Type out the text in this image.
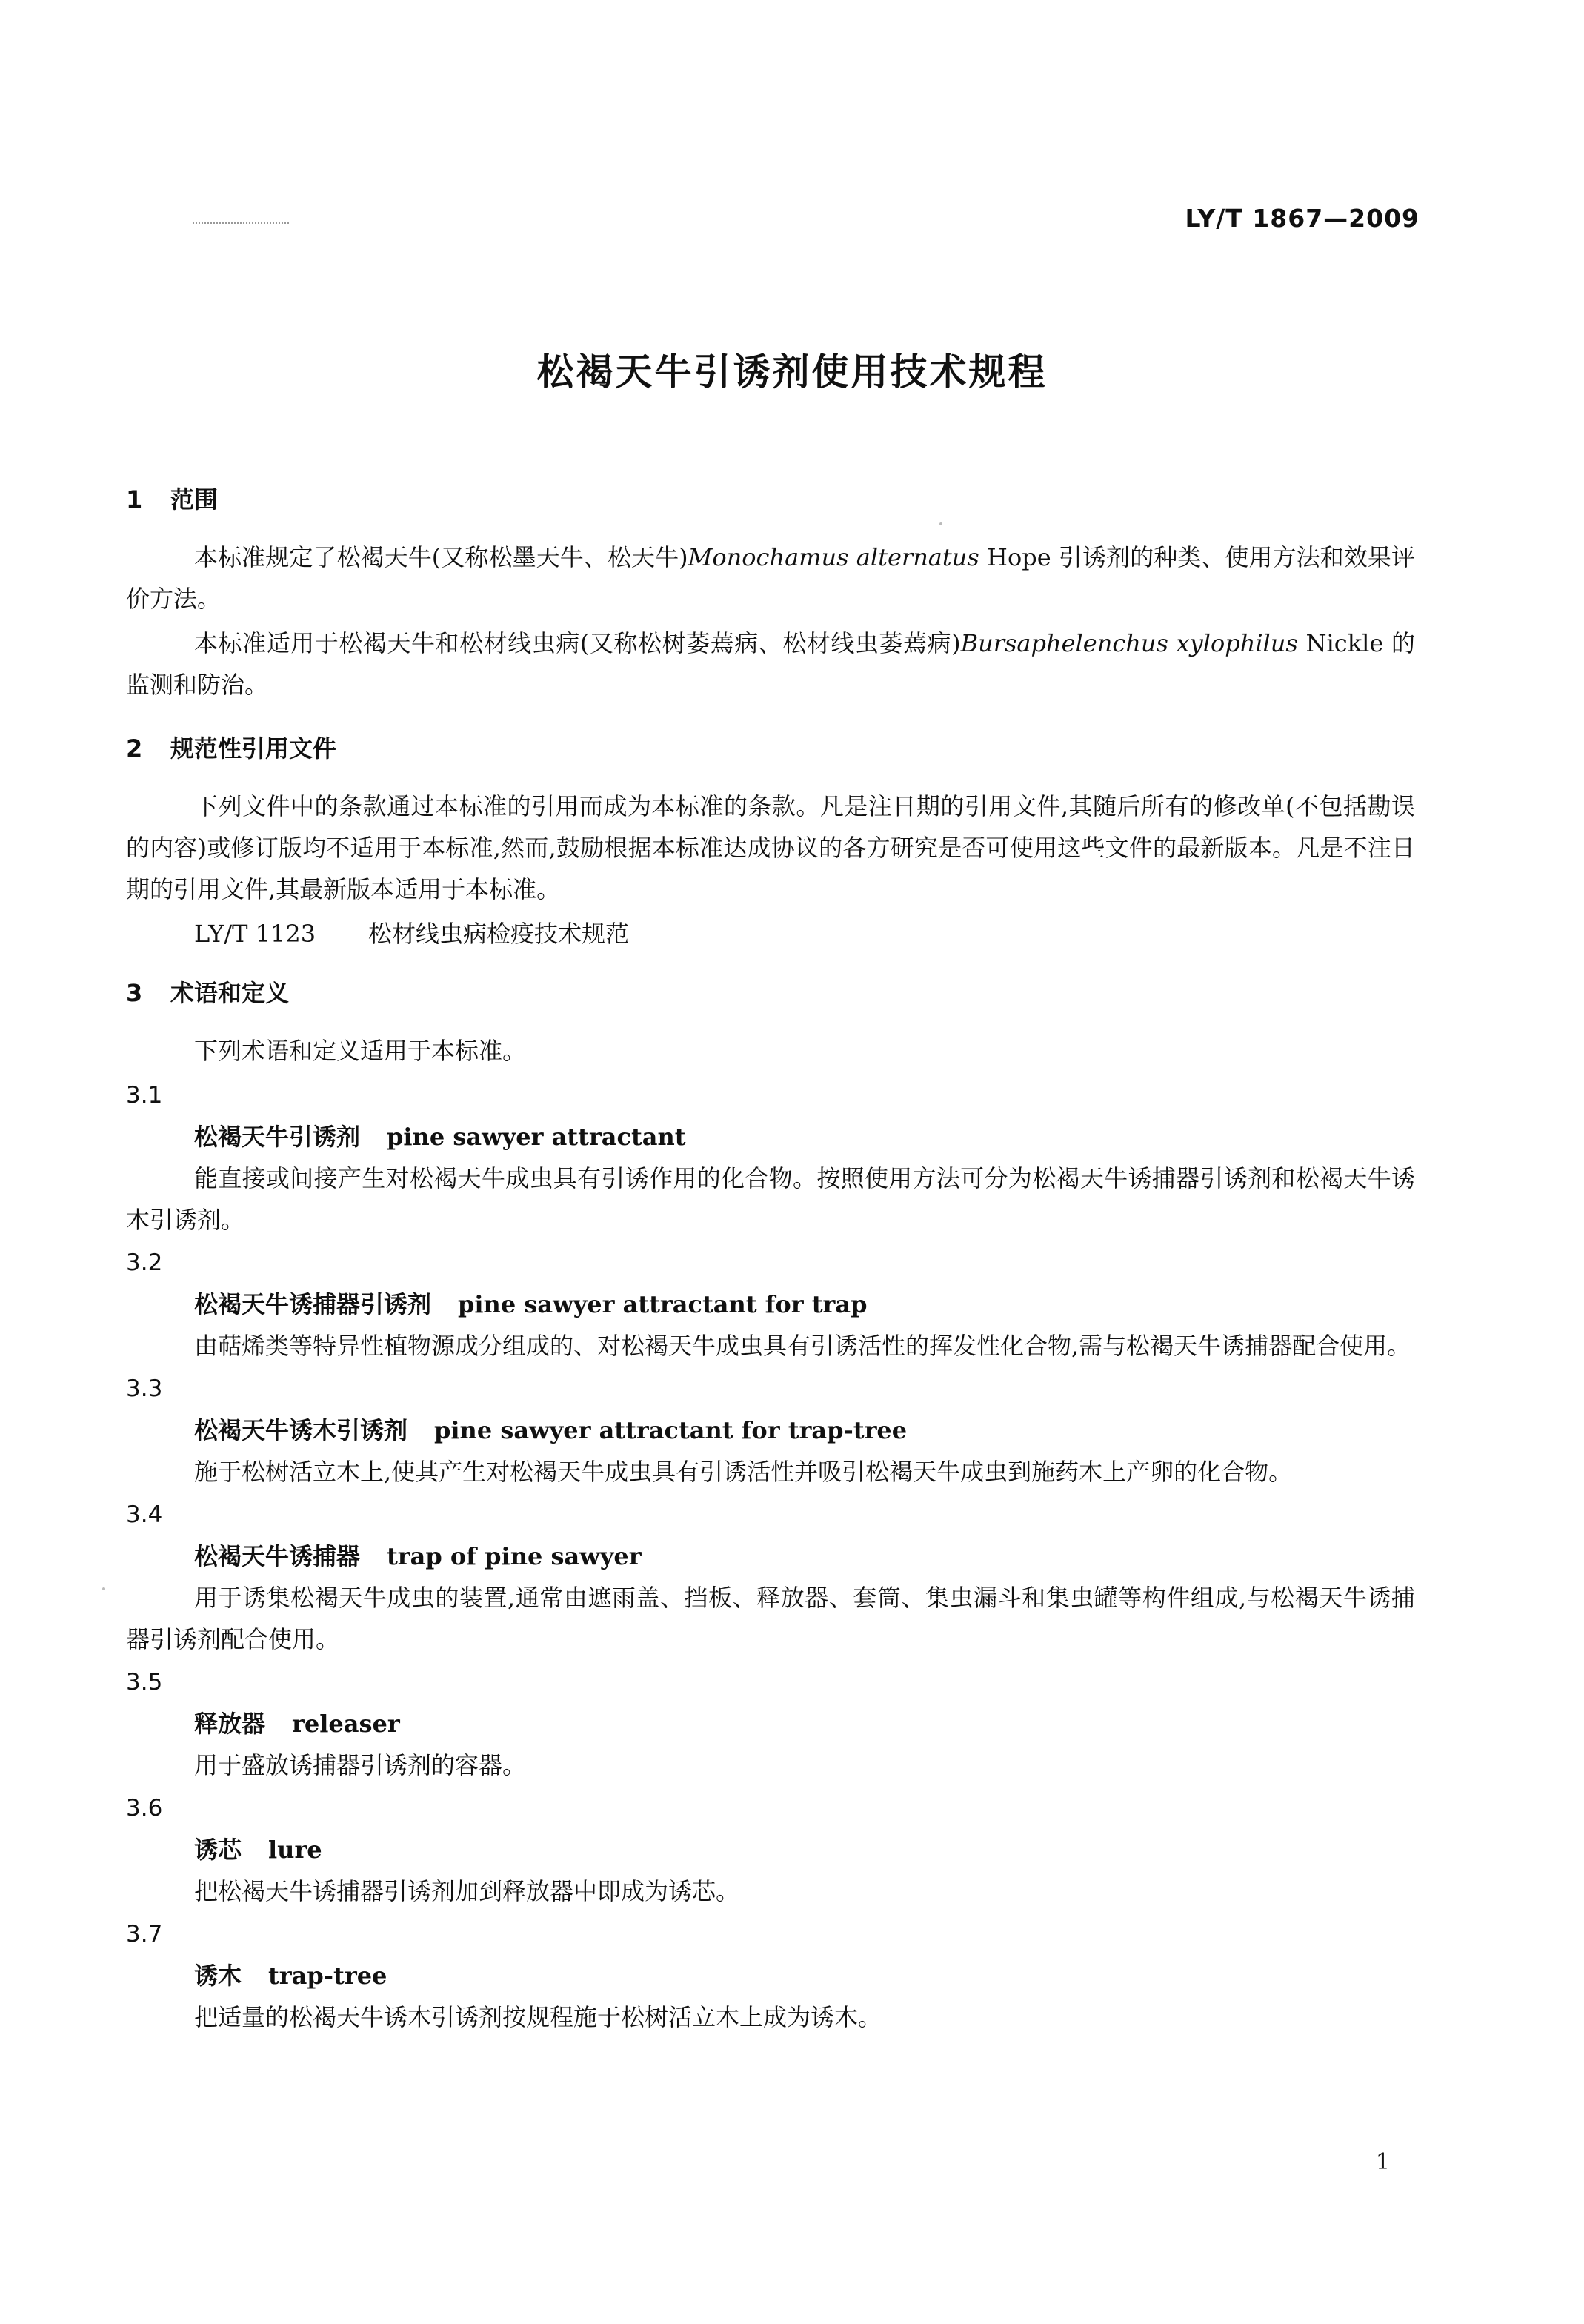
LY/T 1867—2009
松褐天牛引诱剂使用技术规程
1 范围

本标准规定了松褐天牛(又称松墨天牛、松天牛)Monochamus alternatus Hope 引诱剂的种类、使用方法和效果评价方法。

本标准适用于松褐天牛和松材线虫病(又称松树萎蔫病、松材线虫萎蔫病)Bursaphelenchus xylophilus Nickle 的监测和防治。

2 规范性引用文件

下列文件中的条款通过本标准的引用而成为本标准的条款。凡是注日期的引用文件,其随后所有的修改单(不包括勘误的内容)或修订版均不适用于本标准,然而,鼓励根据本标准达成协议的各方研究是否可使用这些文件的最新版本。凡是不注日期的引用文件,其最新版本适用于本标准。

LY/T 1123 松材线虫病检疫技术规范
3 术语和定义

下列术语和定义适用于本标准。

3.1
松褐天牛引诱剂 pine sawyer attractant

能直接或间接产生对松褐天牛成虫具有引诱作用的化合物。按照使用方法可分为松褐天牛诱捕器引诱剂和松褐天牛诱木引诱剂。

3.2
松褐天牛诱捕器引诱剂 pine sawyer attractant for trap

由萜烯类等特异性植物源成分组成的、对松褐天牛成虫具有引诱活性的挥发性化合物,需与松褐天牛诱捕器配合使用。

3.3
松褐天牛诱木引诱剂 pine sawyer attractant for trap-tree

施于松树活立木上,使其产生对松褐天牛成虫具有引诱活性并吸引松褐天牛成虫到施药木上产卵的化合物。

3.4
松褐天牛诱捕器 trap of pine sawyer

用于诱集松褐天牛成虫的装置,通常由遮雨盖、挡板、释放器、套筒、集虫漏斗和集虫罐等构件组成,与松褐天牛诱捕器引诱剂配合使用。

3.5
释放器 releaser

用于盛放诱捕器引诱剂的容器。

3.6
诱芯 lure

把松褐天牛诱捕器引诱剂加到释放器中即成为诱芯。

3.7
诱木 trap-tree

把适量的松褐天牛诱木引诱剂按规程施于松树活立木上成为诱木。

1
